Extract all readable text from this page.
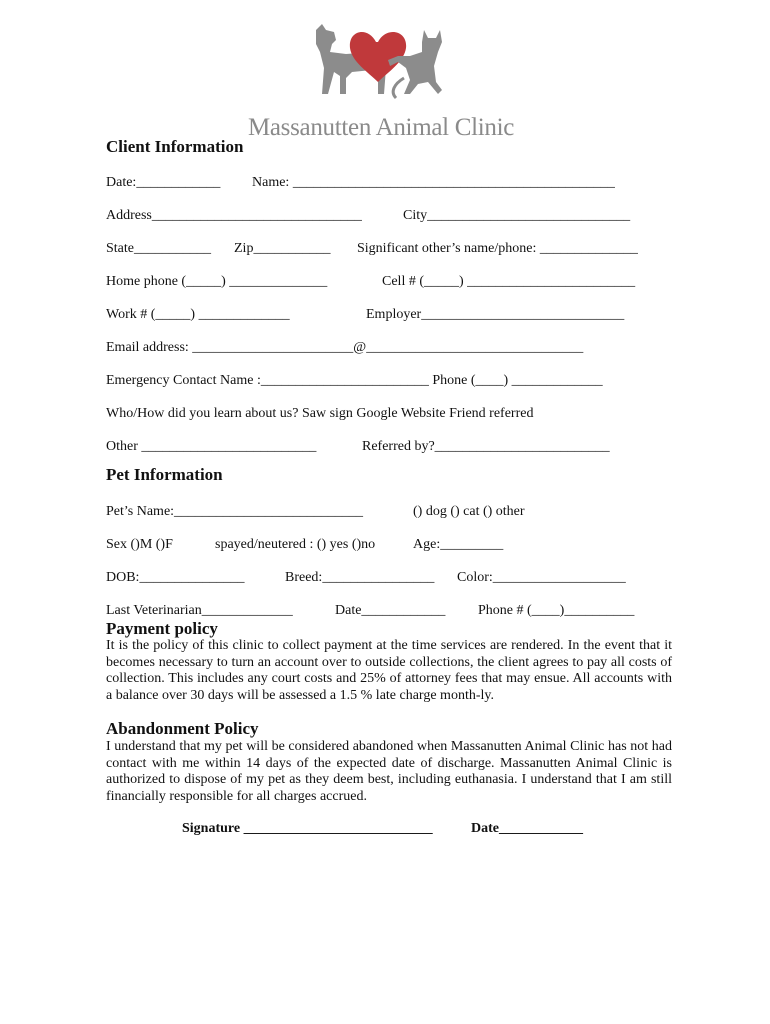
Massanutten Animal Clinic
Client Information
Date:____________ Name: ______________________________________________
Address______________________________	City_____________________________
State___________ Zip___________ Significant other’s name/phone: ______________
Home phone (_____) ______________	Cell # (_____) ________________________
Work # (_____) _____________	Employer_____________________________
Email address: _______________________@_______________________________
Emergency Contact Name :________________________ Phone (____) _____________
Who/How did you learn about us? Saw sign Google Website Friend referred
Other _________________________	Referred by?_________________________
Pet Information
Pet’s Name:___________________________	() dog () cat () other
Sex ()M ()F	spayed/neutered : () yes ()no	Age:_________
DOB:_______________	Breed:________________ Color:___________________
Last Veterinarian_____________	Date____________ Phone # (____)__________
Payment policy
It is the policy of this clinic to collect payment at the time services are rendered. In the event that it becomes necessary to turn an account over to outside collections, the client agrees to pay all costs of collection. This includes any court costs and 25% of attorney fees that may ensue. All accounts with a balance over 30 days will be assessed a 1.5 % late charge month-ly.
Abandonment Policy
I understand that my pet will be considered abandoned when Massanutten Animal Clinic has not had contact with me within 14 days of the expected date of discharge. Massanutten Animal Clinic is authorized to dispose of my pet as they deem best, including euthanasia. I understand that I am still financially responsible for all charges accrued.
Signature ___________________________	Date____________
